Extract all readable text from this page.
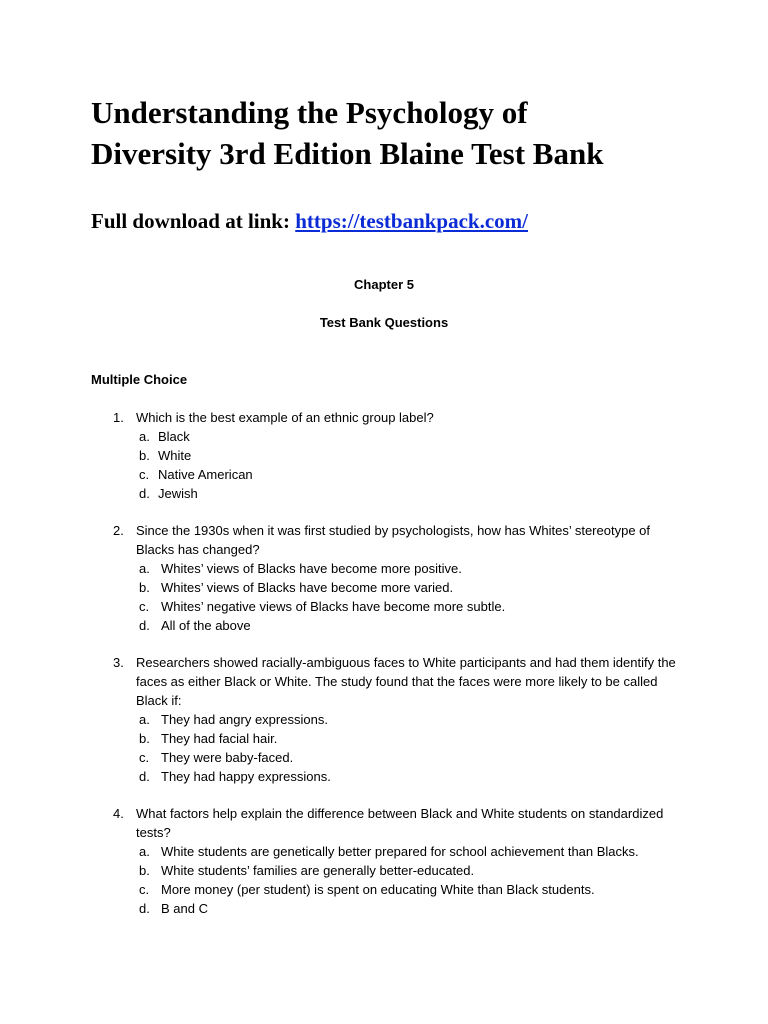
Understanding the Psychology of
Diversity 3rd Edition Blaine Test Bank
Full download at link: https://testbankpack.com/
Chapter 5
Test Bank Questions
Multiple Choice
1. Which is the best example of an ethnic group label?
a. Black
b. White
c. Native American
d. Jewish
2. Since the 1930s when it was first studied by psychologists, how has Whites’ stereotype of Blacks has changed?
a. Whites’ views of Blacks have become more positive.
b. Whites’ views of Blacks have become more varied.
c. Whites’ negative views of Blacks have become more subtle.
d. All of the above
3. Researchers showed racially-ambiguous faces to White participants and had them identify the faces as either Black or White. The study found that the faces were more likely to be called Black if:
a. They had angry expressions.
b. They had facial hair.
c. They were baby-faced.
d. They had happy expressions.
4. What factors help explain the difference between Black and White students on standardized tests?
a. White students are genetically better prepared for school achievement than Blacks.
b. White students’ families are generally better-educated.
c. More money (per student) is spent on educating White than Black students.
d. B and C
